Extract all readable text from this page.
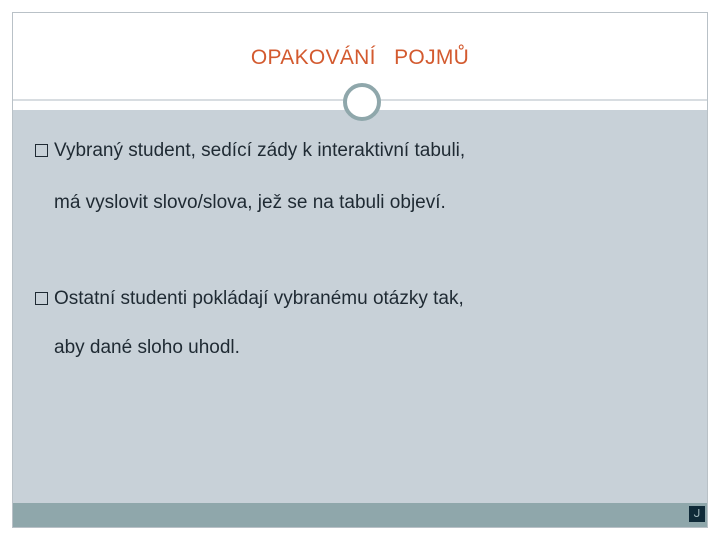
OPAKOVÁNÍ   POJMŮ
Vybraný student, sedící zády k interaktivní tabuli,
má vyslovit slovo/slova, jež se na tabuli objeví.
Ostatní studenti pokládají vybranému otázky tak,
aby dané sloho uhodl.
ᒍ
